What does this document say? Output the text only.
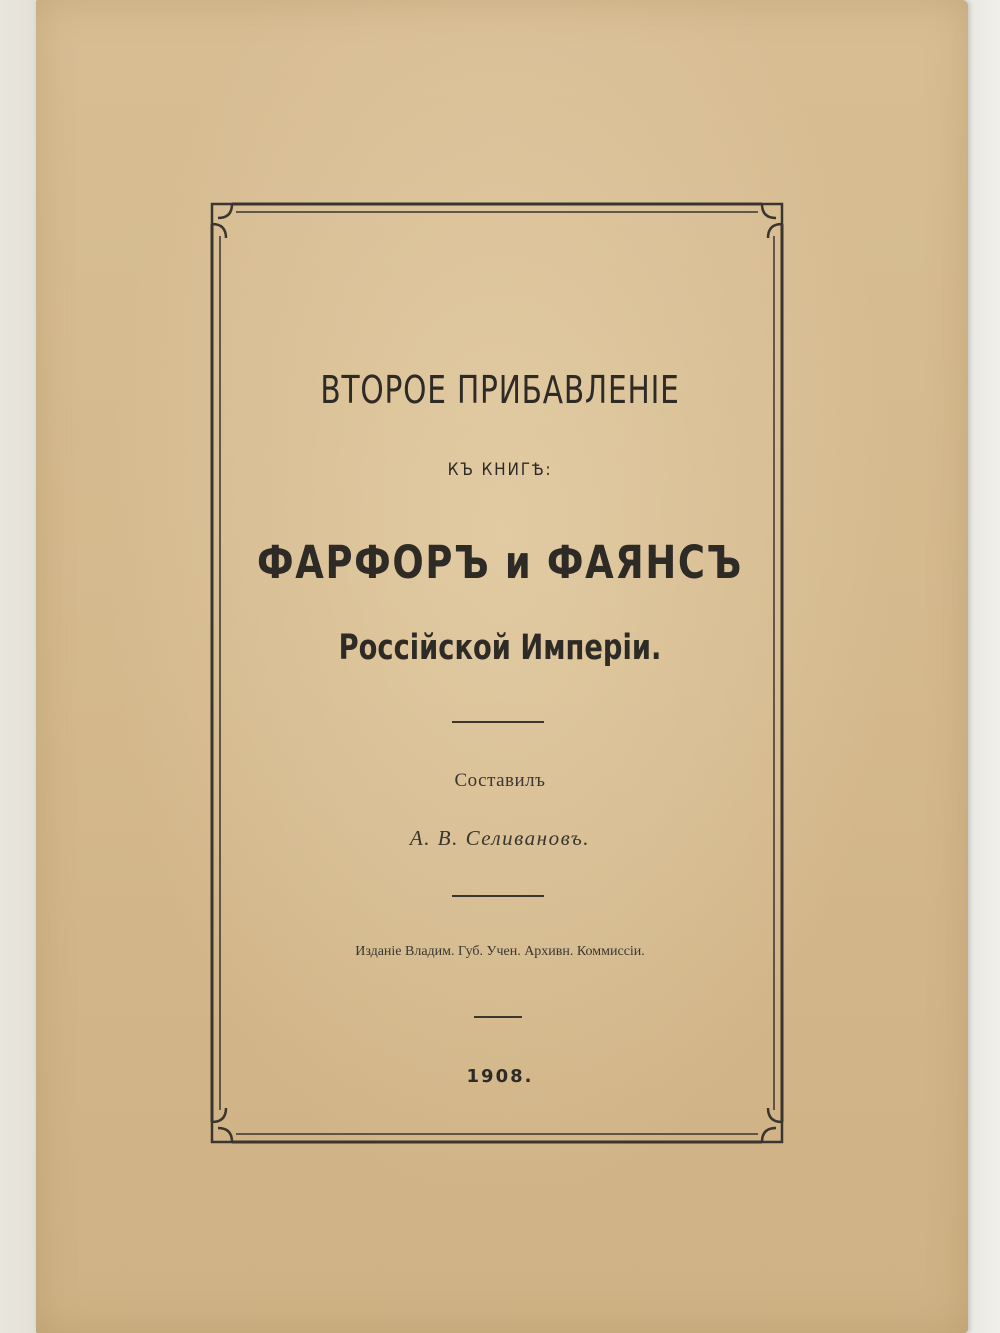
ВТОРОЕ ПРИБАВЛЕНІЕ
КЪ КНИГѢ:
ФАРФОРЪ и ФАЯНСЪ
Россійской Имперіи.
Составилъ
А. В. Селивановъ.
Изданіе Владим. Губ. Учен. Архивн. Коммиссіи.
1908.
